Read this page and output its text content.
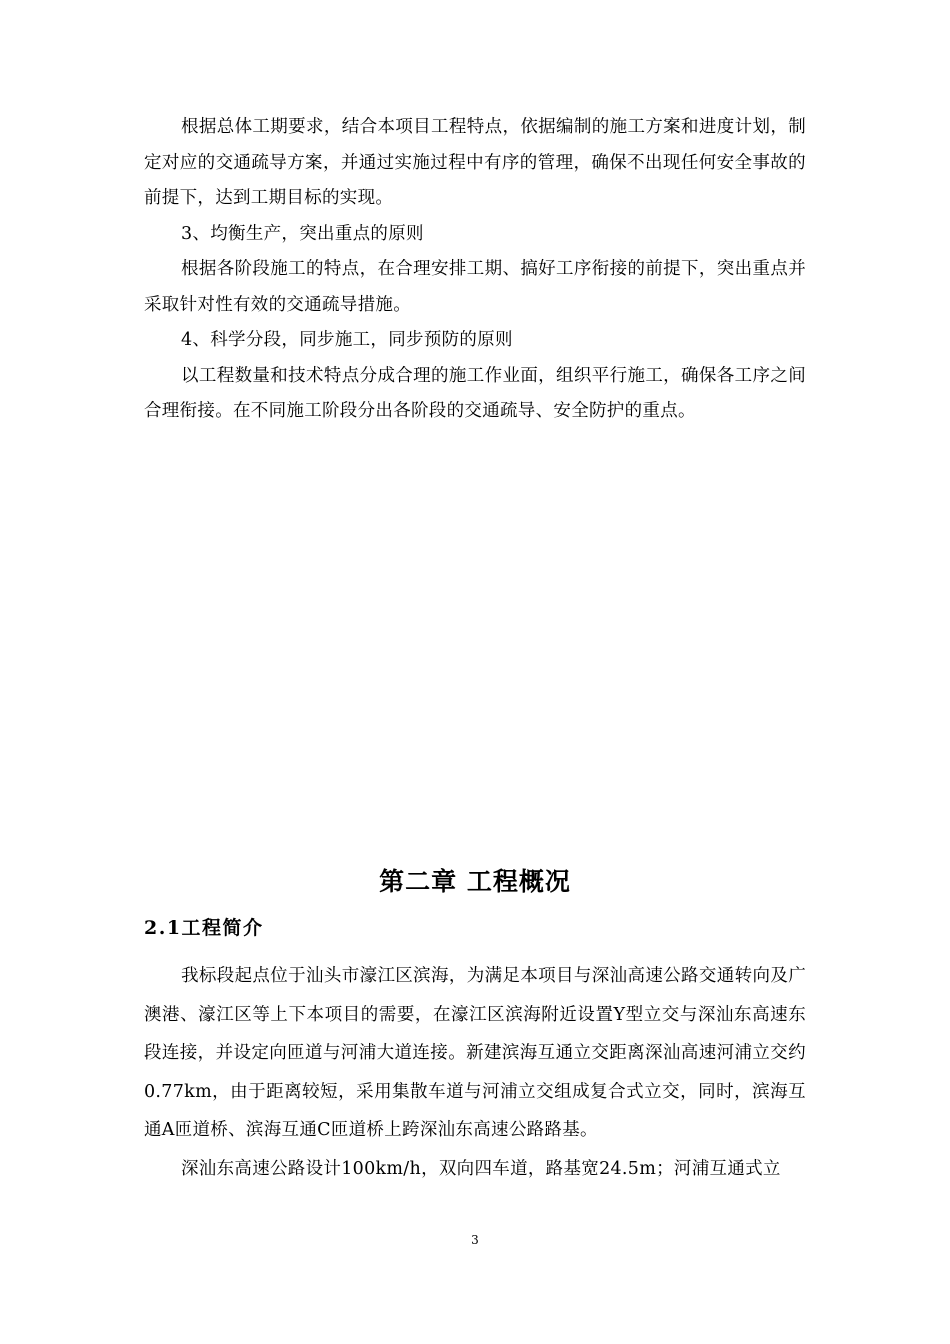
根据总体工期要求，结合本项目工程特点，依据编制的施工方案和进度计划，制定对应的交通疏导方案，并通过实施过程中有序的管理，确保不出现任何安全事故的前提下，达到工期目标的实现。

3、均衡生产，突出重点的原则

根据各阶段施工的特点，在合理安排工期、搞好工序衔接的前提下，突出重点并采取针对性有效的交通疏导措施。

4、科学分段，同步施工，同步预防的原则

以工程数量和技术特点分成合理的施工作业面，组织平行施工，确保各工序之间合理衔接。在不同施工阶段分出各阶段的交通疏导、安全防护的重点。

第二章 工程概况
2.1工程简介

我标段起点位于汕头市濠江区滨海，为满足本项目与深汕高速公路交通转向及广澳港、濠江区等上下本项目的需要，在濠江区滨海附近设置Y型立交与深汕东高速东段连接，并设定向匝道与河浦大道连接。新建滨海互通立交距离深汕高速河浦立交约0.77km，由于距离较短，采用集散车道与河浦立交组成复合式立交，同时，滨海互通A匝道桥、滨海互通C匝道桥上跨深汕东高速公路路基。

深汕东高速公路设计100km/h，双向四车道，路基宽24.5m；河浦互通式立

3
